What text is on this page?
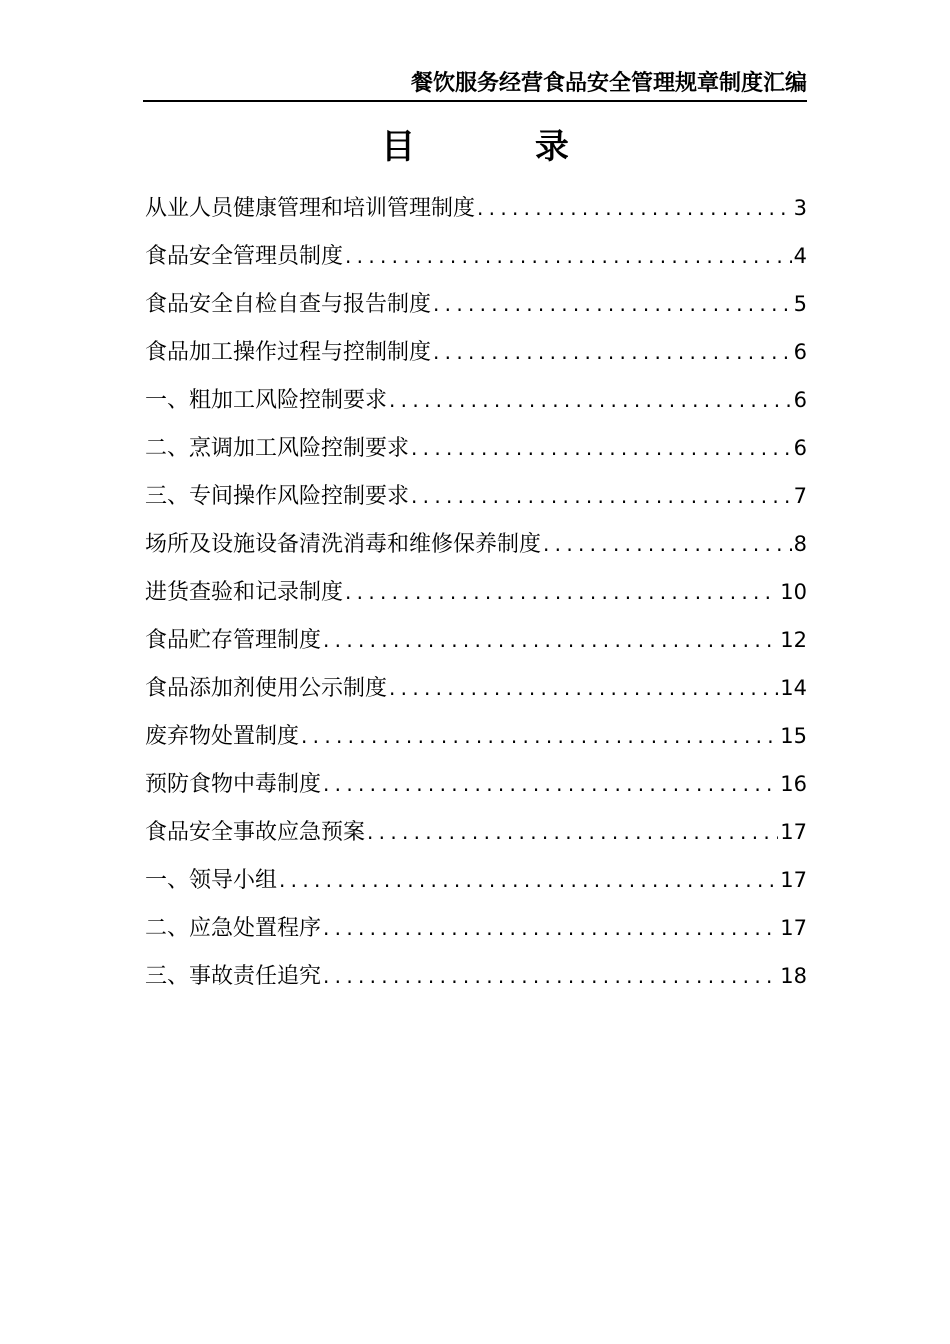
餐饮服务经营食品安全管理规章制度汇编
目 录
从业人员健康管理和培训管理制度 .....	3
食品安全管理员制度 .....	4
食品安全自检自查与报告制度 .....	5
食品加工操作过程与控制制度 .....	6
一、粗加工风险控制要求 .....	6
二、烹调加工风险控制要求 .....	6
三、专间操作风险控制要求 .....	7
场所及设施设备清洗消毒和维修保养制度 .....	8
进货查验和记录制度 .....	10
食品贮存管理制度 .....	12
食品添加剂使用公示制度 .....	14
废弃物处置制度 .....	15
预防食物中毒制度 .....	16
食品安全事故应急预案 .....	17
一、领导小组 .....	17
二、应急处置程序 .....	17
三、事故责任追究 .....	18
